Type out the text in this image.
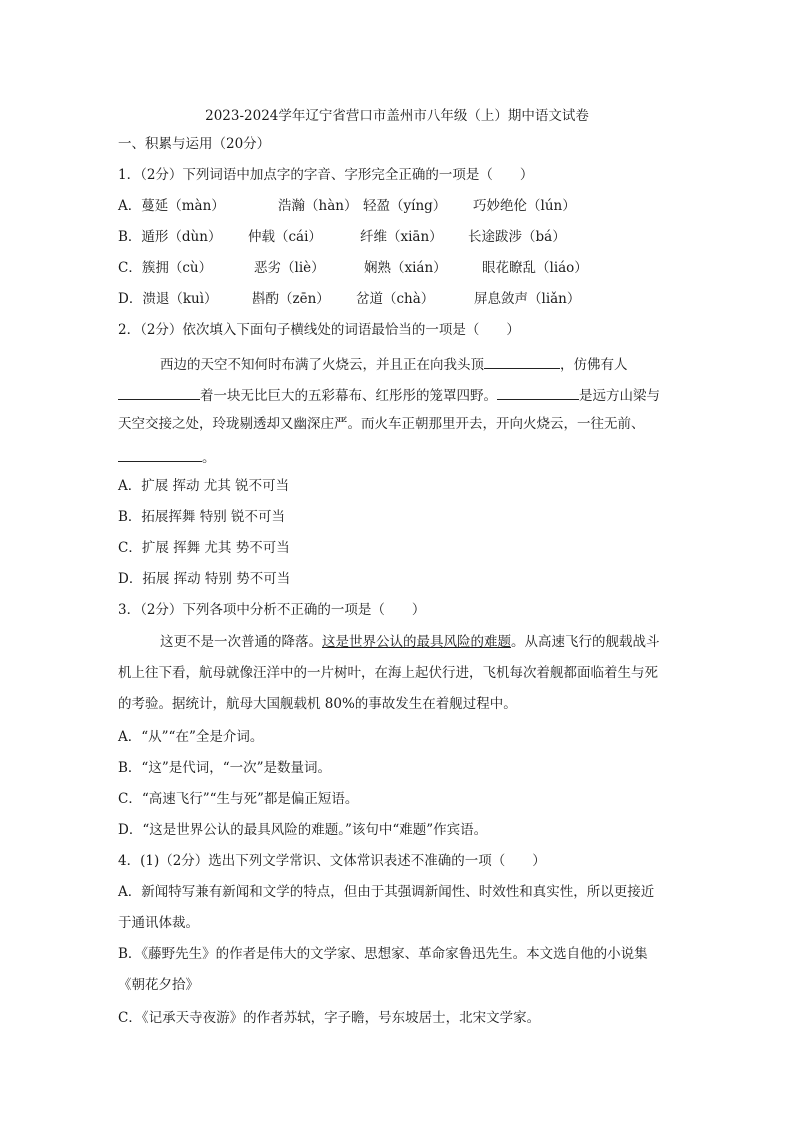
2023-2024学年辽宁省营口市盖州市八年级（上）期中语文试卷
一、积累与运用（20分）
1．（2分）下列词语中加点字的字音、字形完全正确的一项是（　　）
A．蔓延（màn）	浩瀚（hàn） 轻盈（yíng） 巧妙绝伦（lún）
B．遁形（dùn） 仲载（cái）	纤维（xiān） 长途跋涉（bá）
C．簇拥（cù）	恶劣（liè）	娴熟（xián）	眼花瞭乱（liáo）
D．溃退（kuì）	斟酌（zēn） 岔道（chà）	屏息敛声（liǎn）
2．（2分）依次填入下面句子横线处的词语最恰当的一项是（　　）
西边的天空不知何时布满了火烧云，并且正在向我头顶	，仿佛有人
着一块无比巨大的五彩幕布、红彤彤的笼罩四野。	是远方山梁与
天空交接之处，玲珑剔透却又幽深庄严。而火车正朝那里开去，开向火烧云，一往无前、
。
A．扩展 挥动 尤其 锐不可当
B．拓展挥舞 特别 锐不可当
C．扩展 挥舞 尤其 势不可当
D．拓展 挥动 特别 势不可当
3．（2分）下列各项中分析不正确的一项是（　　）
这更不是一次普通的降落。这是世界公认的最具风险的难题。从高速飞行的舰载战斗
机上往下看，航母就像汪洋中的一片树叶，在海上起伏行进，飞机每次着舰都面临着生与死
的考验。据统计，航母大国舰载机 80%的事故发生在着舰过程中。
A．“从”“在”全是介词。
B．“这”是代词，“一次”是数量词。
C．“高速飞行”“生与死”都是偏正短语。
D．“这是世界公认的最具风险的难题。”该句中“难题”作宾语。
4．(1)（2分）选出下列文学常识、文体常识表述不准确的一项（　　）
A．新闻特写兼有新闻和文学的特点，但由于其强调新闻性、时效性和真实性，所以更接近
于通讯体裁。
B．《藤野先生》的作者是伟大的文学家、思想家、革命家鲁迅先生。本文选自他的小说集
《朝花夕拾》
C．《记承天寺夜游》的作者苏轼，字子瞻，号东坡居士，北宋文学家。
